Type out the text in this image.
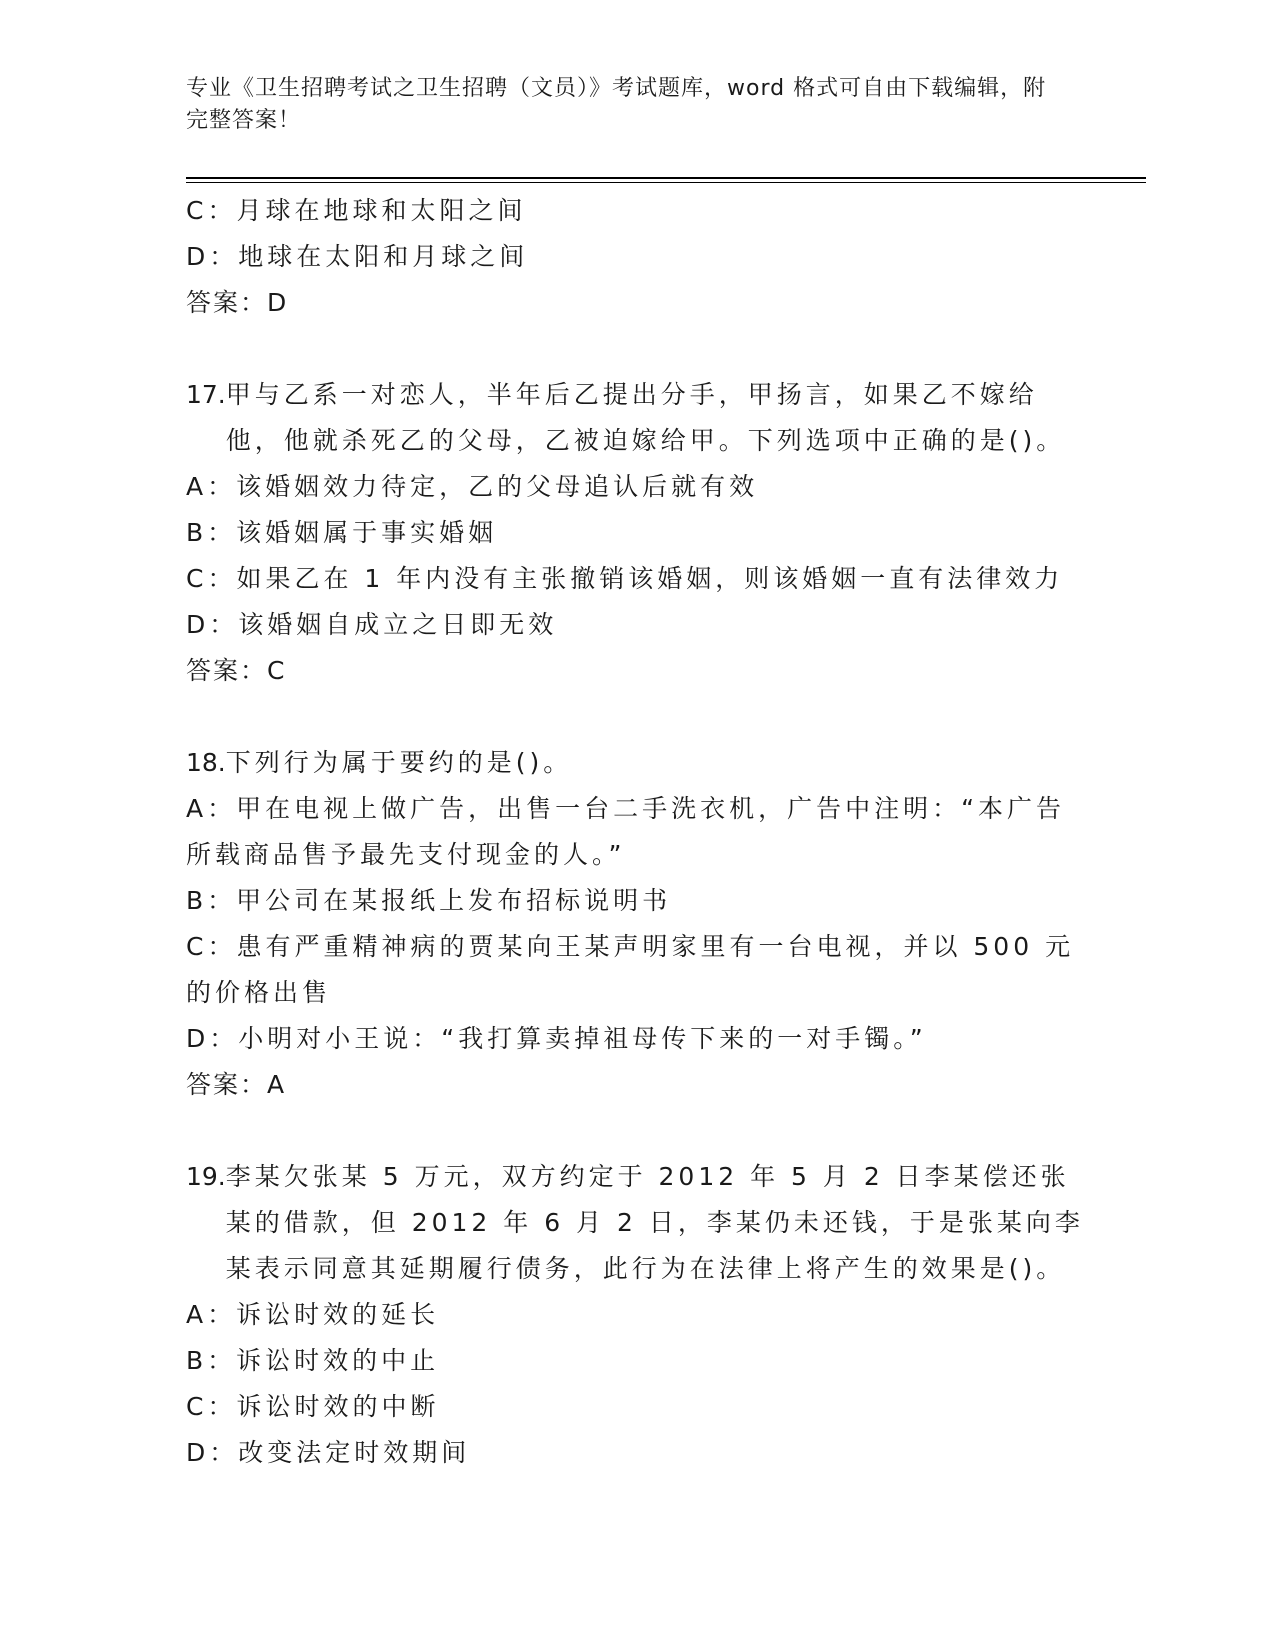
专业《卫生招聘考试之卫生招聘（文员）》考试题库，word 格式可自由下载编辑，附完整答案！
C：月球在地球和太阳之间
D：地球在太阳和月球之间
答案：D
17. 甲与乙系一对恋人，半年后乙提出分手，甲扬言，如果乙不嫁给他，他就杀死乙的父母，乙被迫嫁给甲。下列选项中正确的是()。
A：该婚姻效力待定，乙的父母追认后就有效
B：该婚姻属于事实婚姻
C：如果乙在 1 年内没有主张撤销该婚姻，则该婚姻一直有法律效力
D：该婚姻自成立之日即无效
答案：C
18. 下列行为属于要约的是()。
A：甲在电视上做广告，出售一台二手洗衣机，广告中注明：“本广告所载商品售予最先支付现金的人。”
B：甲公司在某报纸上发布招标说明书
C：患有严重精神病的贾某向王某声明家里有一台电视，并以 500 元的价格出售
D：小明对小王说：“我打算卖掉祖母传下来的一对手镯。”
答案：A
19. 李某欠张某 5 万元，双方约定于 2012 年 5 月 2 日李某偿还张某的借款，但 2012 年 6 月 2 日，李某仍未还钱，于是张某向李某表示同意其延期履行债务，此行为在法律上将产生的效果是()。
A：诉讼时效的延长
B：诉讼时效的中止
C：诉讼时效的中断
D：改变法定时效期间
